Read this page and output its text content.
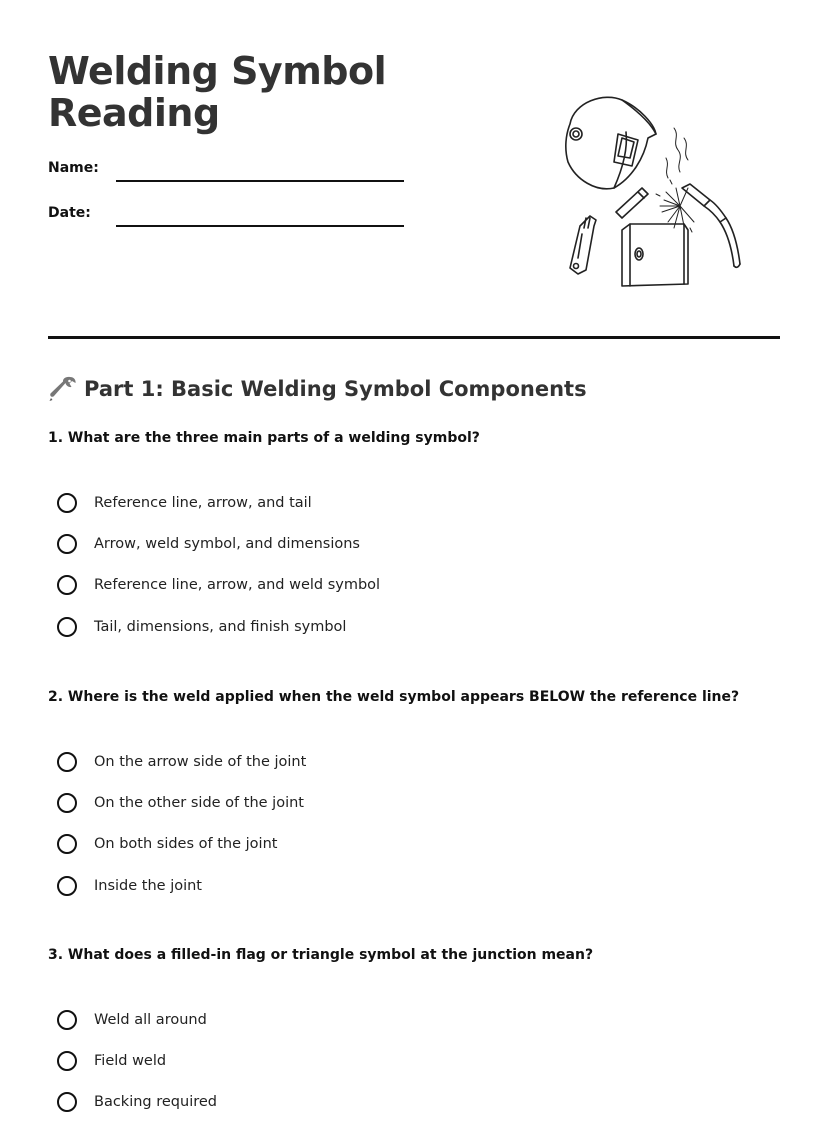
Welding Symbol
Reading
Name:
Date:
Part 1: Basic Welding Symbol Components

1. What are the three main parts of a welding symbol?

Reference line, arrow, and tail
Arrow, weld symbol, and dimensions
Reference line, arrow, and weld symbol
Tail, dimensions, and finish symbol

2. Where is the weld applied when the weld symbol appears BELOW the reference line?

On the arrow side of the joint
On the other side of the joint
On both sides of the joint
Inside the joint

3. What does a filled-in flag or triangle symbol at the junction mean?

Weld all around
Field weld
Backing required
